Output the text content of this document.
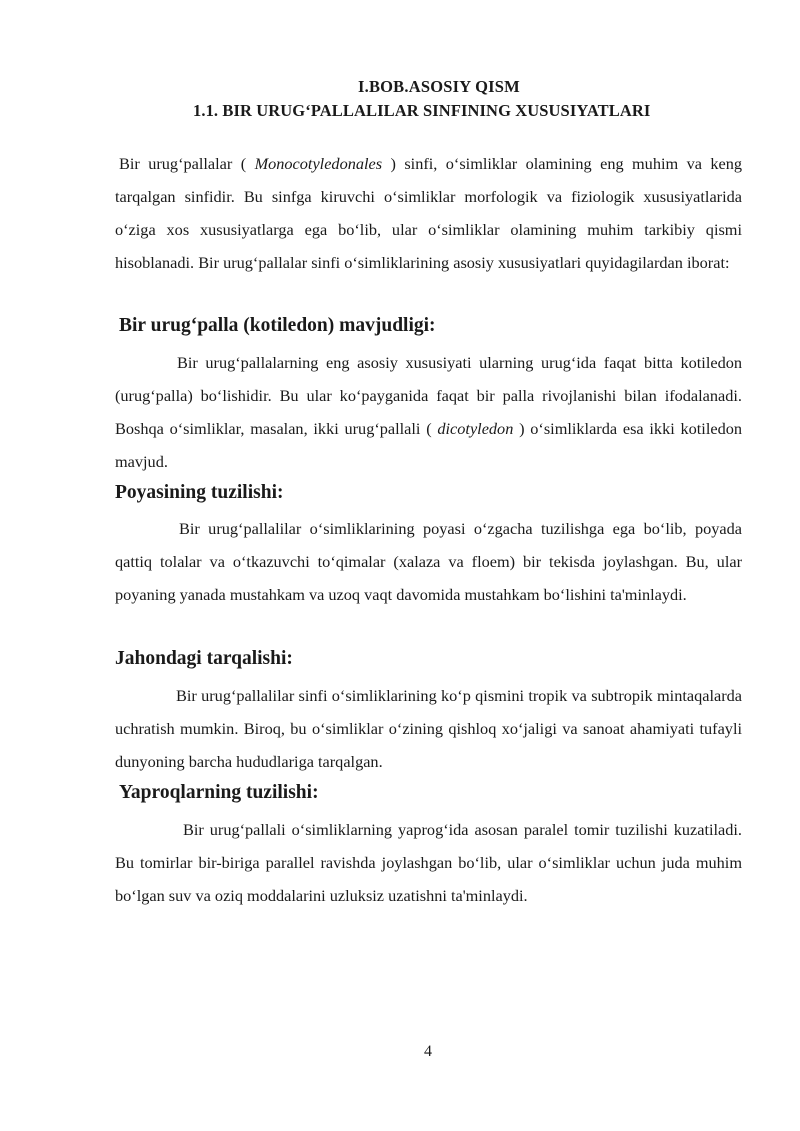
I.BOB.ASOSIY QISM
1.1. BIR URUG‘PALLALILAR SINFINING XUSUSIYATLARI
Bir urug‘pallalar ( Monocotyledonales ) sinfi, o‘simliklar olamining eng muhim va keng tarqalgan sinfidir. Bu sinfga kiruvchi o‘simliklar morfologik va fiziologik xususiyatlarida o‘ziga xos xususiyatlarga ega bo‘lib, ular o‘simliklar olamining muhim tarkibiy qismi hisoblanadi. Bir urug‘pallalar sinfi o‘simliklarining asosiy xususiyatlari quyidagilardan iborat:
Bir urug‘palla (kotiledon) mavjudligi:
Bir urug‘pallalarning eng asosiy xususiyati ularning urug‘ida faqat bitta kotiledon (urug‘palla) bo‘lishidir. Bu ular ko‘payganida faqat bir palla rivojlanishi bilan ifodalanadi. Boshqa o‘simliklar, masalan, ikki urug‘pallali ( dicotyledon ) o‘simliklarda esa ikki kotiledon mavjud.
Poyasining tuzilishi:
Bir urug‘pallalilar o‘simliklarining poyasi o‘zgacha tuzilishga ega bo‘lib, poyada qattiq tolalar va o‘tkazuvchi to‘qimalar (xalaza va floem) bir tekisda joylashgan. Bu, ular poyaning yanada mustahkam va uzoq vaqt davomida mustahkam bo‘lishini ta'minlaydi.
Jahondagi tarqalishi:
Bir urug‘pallalilar sinfi o‘simliklarining ko‘p qismini tropik va subtropik mintaqalarda uchratish mumkin. Biroq, bu o‘simliklar o‘zining qishloq xo‘jaligi va sanoat ahamiyati tufayli dunyoning barcha hududlariga tarqalgan.
Yaproqlarning tuzilishi:
Bir urug‘pallali o‘simliklarning yaprog‘ida asosan paralel tomir tuzilishi kuzatiladi. Bu tomirlar bir-biriga parallel ravishda joylashgan bo‘lib, ular o‘simliklar uchun juda muhim bo‘lgan suv va oziq moddalarini uzluksiz uzatishni ta'minlaydi.
4
